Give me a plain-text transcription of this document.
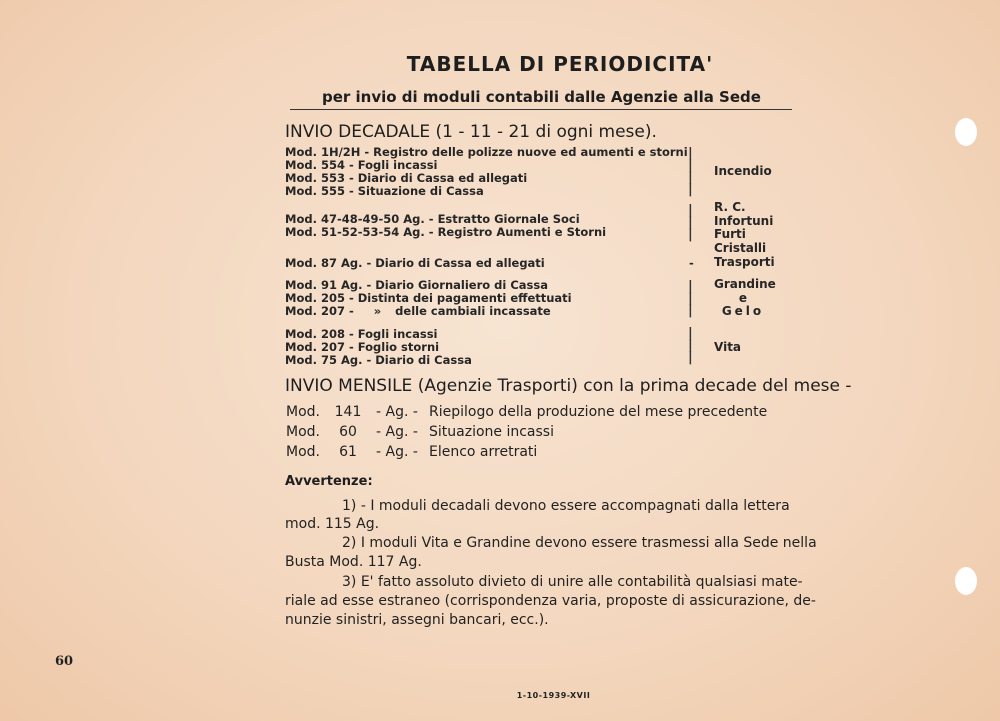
TABELLA DI PERIODICITA'
per invio di moduli contabili dalle Agenzie alla Sede
INVIO DECADALE (1 - 11 - 21 di ogni mese).
Mod. 1H/2H - Registro delle polizze nuove ed aumenti e storni
Mod. 554 - Fogli incassi
Mod. 553 - Diario di Cassa ed allegati
Mod. 555 - Situazione di Cassa
|
|
|
|
Incendio
Mod. 47-48-49-50 Ag. - Estratto Giornale Soci
Mod. 51-52-53-54 Ag. - Registro Aumenti e Storni
|
|
|
R. C.
Infortuni
Furti
Cristalli
Mod. 87 Ag. - Diario di Cassa ed allegati	- Trasporti
Mod. 91 Ag. - Diario Giornaliero di Cassa
Mod. 205 - Distinta dei pagamenti effettuati
Mod. 207 - » delle cambiali incassate
|
|
|
Grandine
e
Gelo
Mod. 208 - Fogli incassi
Mod. 207 - Foglio storni
Mod. 75 Ag. - Diario di Cassa
|
|
|
Vita
INVIO MENSILE (Agenzie Trasporti) con la prima decade del mese -
Mod. 141 - Ag. - Riepilogo della produzione del mese precedente
Mod. 60 - Ag. - Situazione incassi
Mod. 61 - Ag. - Elenco arretrati
Avvertenze:
1) - I moduli decadali devono essere accompagnati dalla lettera
mod. 115 Ag.
2) I moduli Vita e Grandine devono essere trasmessi alla Sede nella
Busta Mod. 117 Ag.
3) E' fatto assoluto divieto di unire alle contabilità qualsiasi mate-
riale ad esse estraneo (corrispondenza varia, proposte di assicurazione, de-
nunzie sinistri, assegni bancari, ecc.).
60
1-10-1939-XVII
